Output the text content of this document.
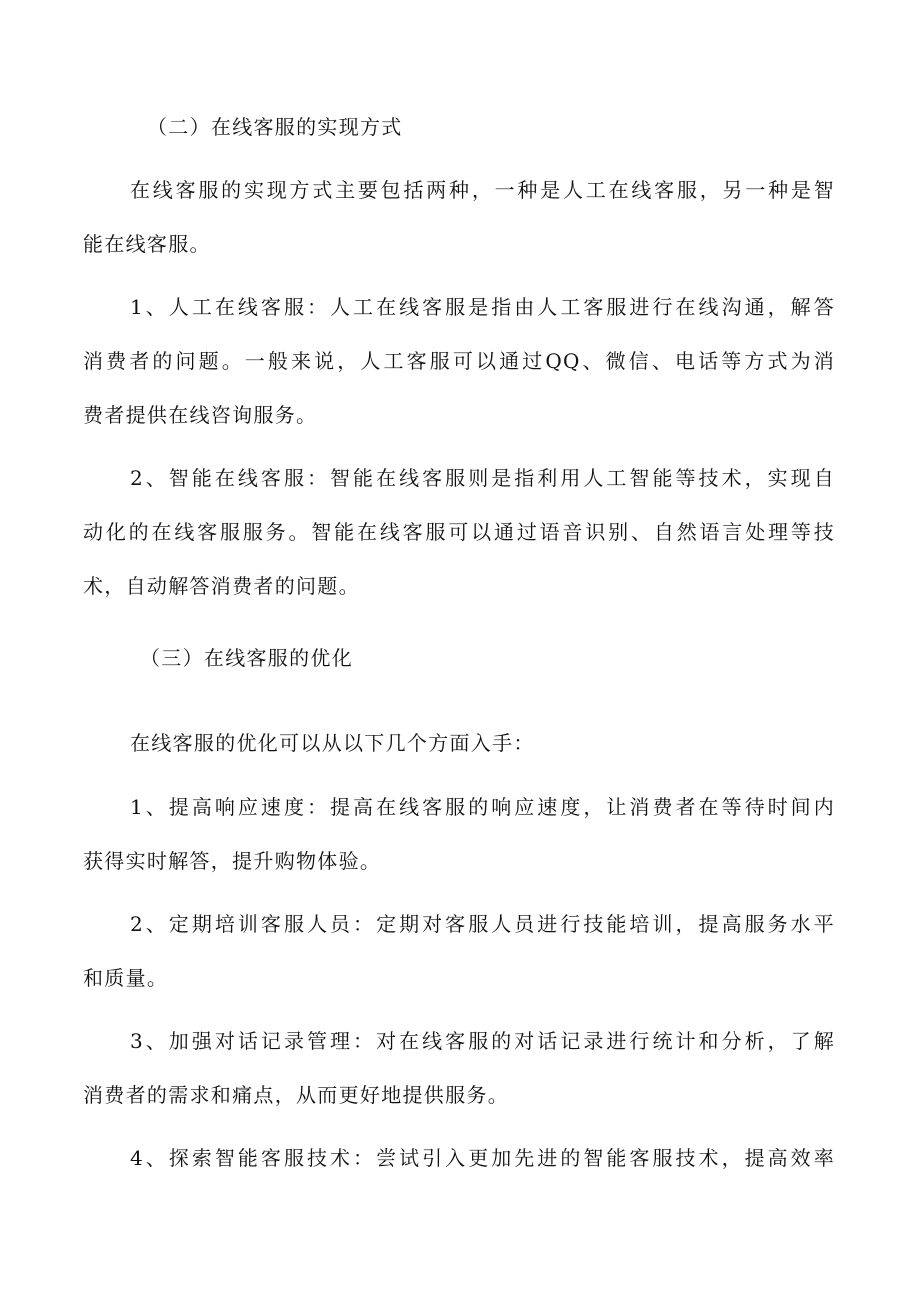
（二）在线客服的实现方式
在线客服的实现方式主要包括两种，一种是人工在线客服，另一种是智
能在线客服。
1、人工在线客服：人工在线客服是指由人工客服进行在线沟通，解答
消费者的问题。一般来说，人工客服可以通过QQ、微信、电话等方式为消
费者提供在线咨询服务。
2、智能在线客服：智能在线客服则是指利用人工智能等技术，实现自
动化的在线客服服务。智能在线客服可以通过语音识别、自然语言处理等技
术，自动解答消费者的问题。
（三）在线客服的优化
在线客服的优化可以从以下几个方面入手：
1、提高响应速度：提高在线客服的响应速度，让消费者在等待时间内
获得实时解答，提升购物体验。
2、定期培训客服人员：定期对客服人员进行技能培训，提高服务水平
和质量。
3、加强对话记录管理：对在线客服的对话记录进行统计和分析，了解
消费者的需求和痛点，从而更好地提供服务。
4、探索智能客服技术：尝试引入更加先进的智能客服技术，提高效率
